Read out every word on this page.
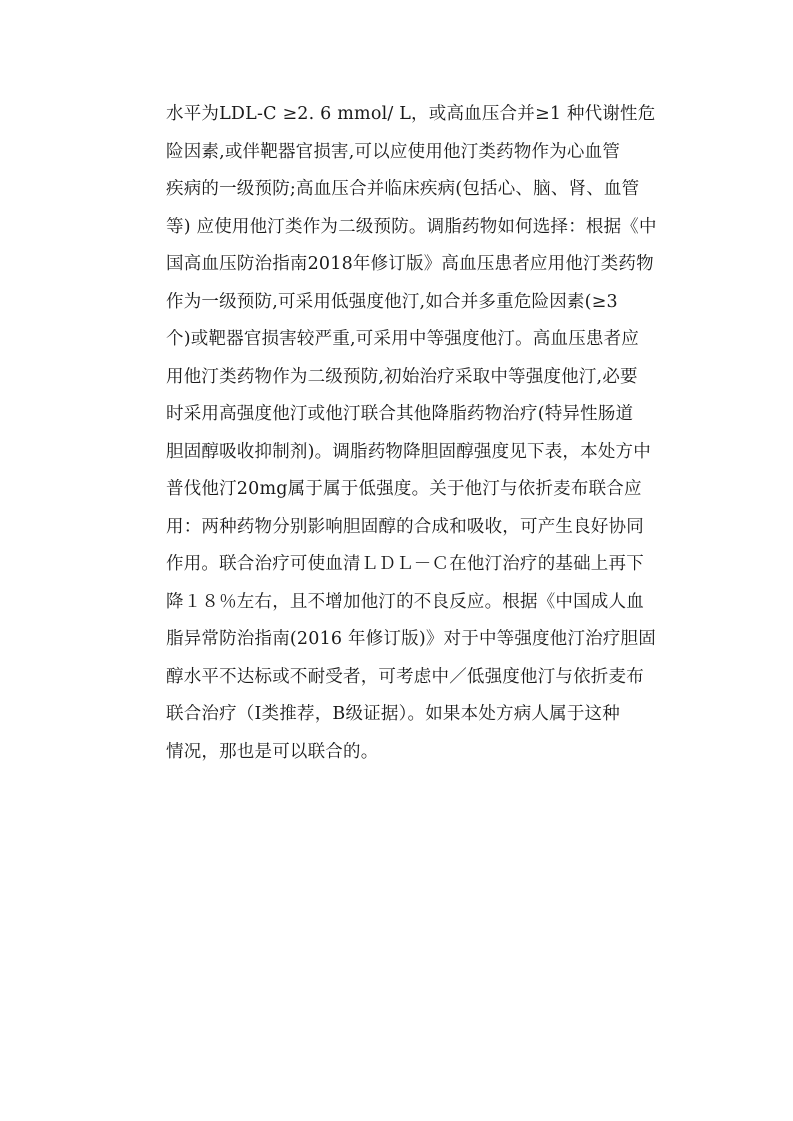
水平为LDL-C ≥2. 6 mmol/ L，或高血压合并≥1 种代谢性危
险因素,或伴靶器官损害,可以应使用他汀类药物作为心血管
疾病的一级预防;高血压合并临床疾病(包括心、脑、肾、血管
等) 应使用他汀类作为二级预防。调脂药物如何选择：根据《中
国高血压防治指南2018年修订版》高血压患者应用他汀类药物
作为一级预防,可采用低强度他汀,如合并多重危险因素(≥3
个)或靶器官损害较严重,可采用中等强度他汀。高血压患者应
用他汀类药物作为二级预防,初始治疗采取中等强度他汀,必要
时采用高强度他汀或他汀联合其他降脂药物治疗(特异性肠道
胆固醇吸收抑制剂)。调脂药物降胆固醇强度见下表，本处方中
普伐他汀20mg属于属于低强度。关于他汀与依折麦布联合应
用：两种药物分别影响胆固醇的合成和吸收，可产生良好协同
作用。联合治疗可使血清ＬＤＬ－Ｃ在他汀治疗的基础上再下
降１８％左右，且不增加他汀的不良反应。根据《中国成人血
脂异常防治指南(2016 年修订版)》对于中等强度他汀治疗胆固
醇水平不达标或不耐受者，可考虑中／低强度他汀与依折麦布
联合治疗（Ⅰ类推荐，B级证据）。如果本处方病人属于这种
情况，那也是可以联合的。
